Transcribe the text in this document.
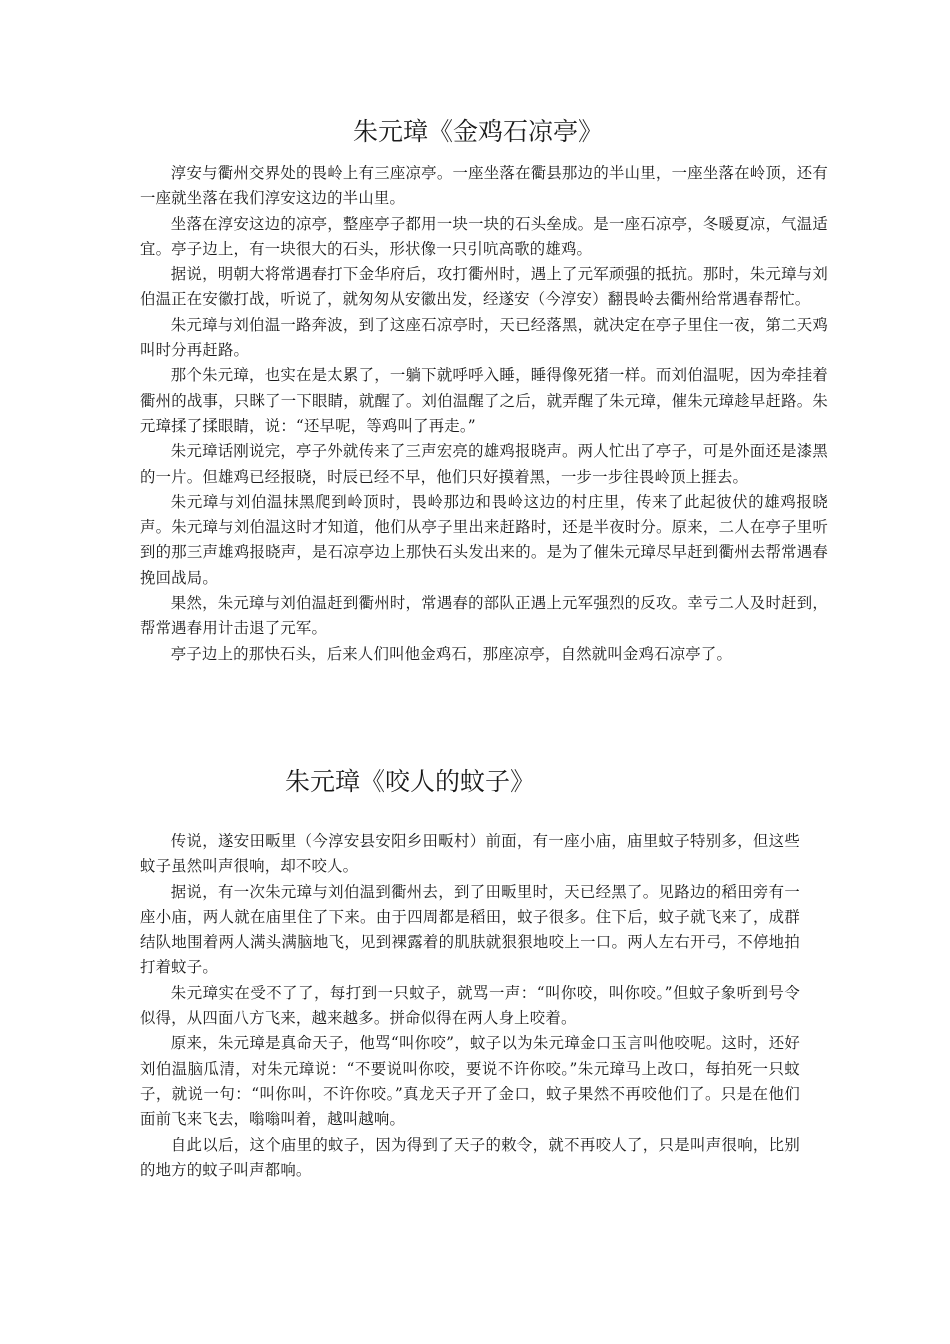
朱元璋《金鸡石凉亭》

淳安与衢州交界处的畏岭上有三座凉亭。一座坐落在衢县那边的半山里，一座坐落在岭顶，还有一座就坐落在我们淳安这边的半山里。

坐落在淳安这边的凉亭，整座亭子都用一块一块的石头垒成。是一座石凉亭，冬暖夏凉，气温适宜。亭子边上，有一块很大的石头，形状像一只引吭高歌的雄鸡。

据说，明朝大将常遇春打下金华府后，攻打衢州时，遇上了元军顽强的抵抗。那时，朱元璋与刘伯温正在安徽打战，听说了，就匆匆从安徽出发，经遂安（今淳安）翻畏岭去衢州给常遇春帮忙。

朱元璋与刘伯温一路奔波，到了这座石凉亭时，天已经落黑，就决定在亭子里住一夜，第二天鸡叫时分再赶路。

那个朱元璋，也实在是太累了，一躺下就呼呼入睡，睡得像死猪一样。而刘伯温呢，因为牵挂着衢州的战事，只眯了一下眼睛，就醒了。刘伯温醒了之后，就弄醒了朱元璋，催朱元璋趁早赶路。朱元璋揉了揉眼睛，说：“还早呢，等鸡叫了再走。”

朱元璋话刚说完，亭子外就传来了三声宏亮的雄鸡报晓声。两人忙出了亭子，可是外面还是漆黑的一片。但雄鸡已经报晓，时辰已经不早，他们只好摸着黑，一步一步往畏岭顶上捱去。

朱元璋与刘伯温抹黑爬到岭顶时，畏岭那边和畏岭这边的村庄里，传来了此起彼伏的雄鸡报晓声。朱元璋与刘伯温这时才知道，他们从亭子里出来赶路时，还是半夜时分。原来，二人在亭子里听到的那三声雄鸡报晓声，是石凉亭边上那快石头发出来的。是为了催朱元璋尽早赶到衢州去帮常遇春挽回战局。

果然，朱元璋与刘伯温赶到衢州时，常遇春的部队正遇上元军强烈的反攻。幸亏二人及时赶到，帮常遇春用计击退了元军。

亭子边上的那快石头，后来人们叫他金鸡石，那座凉亭，自然就叫金鸡石凉亭了。

朱元璋《咬人的蚊子》

传说，遂安田畈里（今淳安县安阳乡田畈村）前面，有一座小庙，庙里蚊子特别多，但这些蚊子虽然叫声很响，却不咬人。

据说，有一次朱元璋与刘伯温到衢州去，到了田畈里时，天已经黑了。见路边的稻田旁有一座小庙，两人就在庙里住了下来。由于四周都是稻田，蚊子很多。住下后，蚊子就飞来了，成群结队地围着两人满头满脑地飞，见到裸露着的肌肤就狠狠地咬上一口。两人左右开弓，不停地拍打着蚊子。

朱元璋实在受不了了，每打到一只蚊子，就骂一声：“叫你咬，叫你咬。”但蚊子象听到号令似得，从四面八方飞来，越来越多。拼命似得在两人身上咬着。

原来，朱元璋是真命天子，他骂“叫你咬”，蚊子以为朱元璋金口玉言叫他咬呢。这时，还好刘伯温脑瓜清，对朱元璋说：“不要说叫你咬，要说不许你咬。”朱元璋马上改口，每拍死一只蚊子，就说一句：“叫你叫，不许你咬。”真龙天子开了金口，蚊子果然不再咬他们了。只是在他们面前飞来飞去，嗡嗡叫着，越叫越响。

自此以后，这个庙里的蚊子，因为得到了天子的敕令，就不再咬人了，只是叫声很响，比别的地方的蚊子叫声都响。
